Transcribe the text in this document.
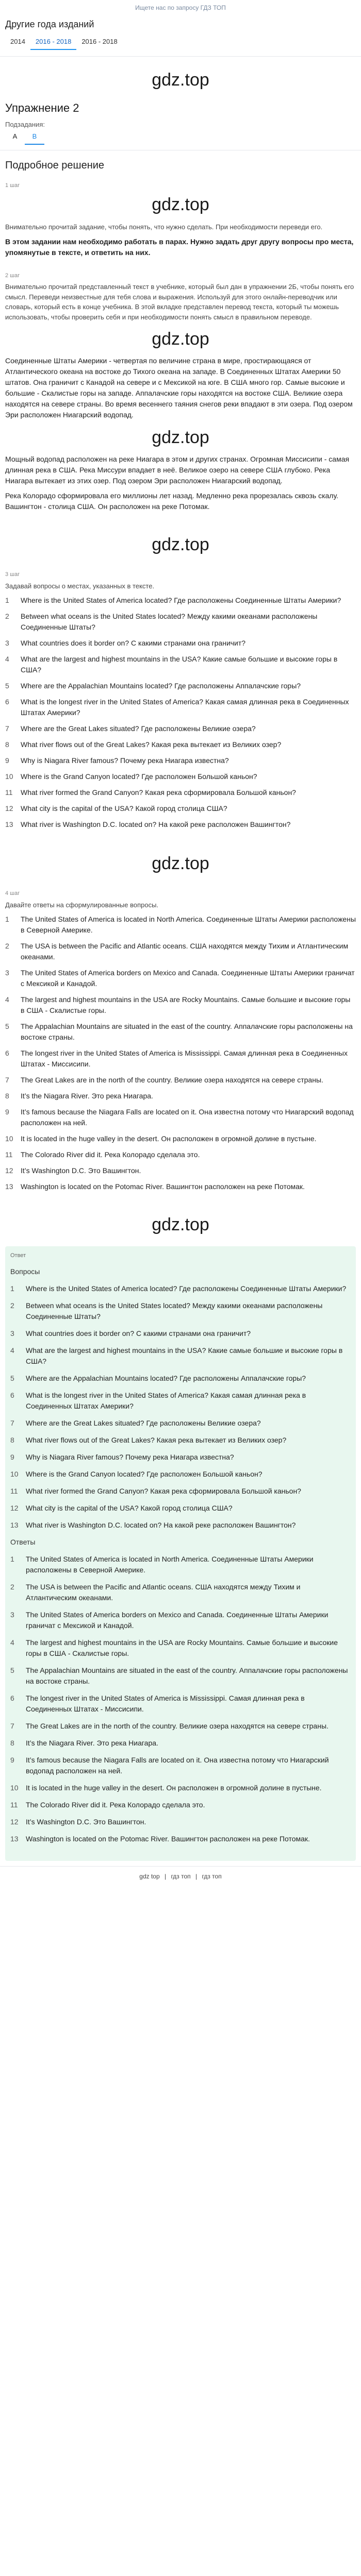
Ищете нас по запросу ГДЗ ТОП
Другие года изданий
2014	2016 - 2018	2016 - 2018
gdz.top
Упражнение 2
Подзадания:
A	B
Подробное решение
1 шаг
gdz.top
Внимательно прочитай задание, чтобы понять, что нужно сделать. При необходимости переведи его.
В этом задании нам необходимо работать в парах. Нужно задать друг другу вопросы про места, упомянутые в тексте, и ответить на них.
2 шаг
Внимательно прочитай представленный текст в учебнике, который был дан в упражнении 2Б, чтобы понять его смысл. Переведи неизвестные для тебя слова и выражения. Используй для этого онлайн-переводчик или словарь, который есть в конце учебника. В этой вкладке представлен перевод текста, который ты можешь использовать, чтобы проверить себя и при необходимости понять смысл в правильном переводе.
gdz.top
Соединенные Штаты Америки - четвертая по величине страна в мире, простирающаяся от Атлантического океана на востоке до Тихого океана на западе. В Соединенных Штатах Америки 50 штатов. Она граничит с Канадой на севере и с Мексикой на юге. В США много гор. Самые высокие и большие - Скалистые горы на западе. Аппалачские горы находятся на востоке США. Великие озера находятся на севере страны. Во время весеннего таяния снегов реки впадают в эти озера. Под озером Эри расположен Ниагарский водопад.
gdz.top
Мощный водопад расположен на реке Ниагара в этом и других странах. Огромная Миссисипи - самая длинная река в США. Река Миссури впадает в неё. Великое озеро на севере США глубоко. Река Ниагара вытекает из этих озер. Под озером Эри расположен Ниагарский водопад.
Река Колорадо сформировала его миллионы лет назад. Медленно река прорезалась сквозь скалу. Вашингтон - столица США. Он расположен на реке Потомак.
gdz.top
3 шаг
Задавай вопросы о местах, указанных в тексте.
1	Where is the United States of America located? Где расположены Соединенные Штаты Америки?
2	Between what oceans is the United States located? Между какими океанами расположены Соединенные Штаты?
3	What countries does it border on? С какими странами она граничит?
4	What are the largest and highest mountains in the USA? Какие самые большие и высокие горы в США?
5	Where are the Appalachian Mountains located? Где расположены Аппалачские горы?
6	What is the longest river in the United States of America? Какая самая длинная река в Соединенных Штатах Америки?
7	Where are the Great Lakes situated? Где расположены Великие озера?
8	What river flows out of the Great Lakes? Какая река вытекает из Великих озер?
9	Why is Niagara River famous? Почему река Ниагара известна?
10	Where is the Grand Canyon located? Где расположен Большой каньон?
11	What river formed the Grand Canyon? Какая река сформировала Большой каньон?
12	What city is the capital of the USA? Какой город столица США?
13	What river is Washington D.C. located on? На какой реке расположен Вашингтон?
gdz.top
4 шаг
Давайте ответы на сформулированные вопросы.
1	The United States of America is located in North America. Соединенные Штаты Америки расположены в Северной Америке.
2	The USA is between the Pacific and Atlantic oceans. США находятся между Тихим и Атлантическим океанами.
3	The United States of America borders on Mexico and Canada. Соединенные Штаты Америки граничат с Мексикой и Канадой.
4	The largest and highest mountains in the USA are Rocky Mountains. Самые большие и высокие горы в США - Скалистые горы.
5	The Appalachian Mountains are situated in the east of the country. Аппалачские горы расположены на востоке страны.
6	The longest river in the United States of America is Mississippi. Самая длинная река в Соединенных Штатах - Миссисипи.
7	The Great Lakes are in the north of the country. Великие озера находятся на севере страны.
8	It’s the Niagara River. Это река Ниагара.
9	It’s famous because the Niagara Falls are located on it. Она известна потому что Ниагарский водопад расположен на ней.
10	It is located in the huge valley in the desert. Он расположен в огромной долине в пустыне.
11	The Colorado River did it. Река Колорадо сделала это.
12	It’s Washington D.C. Это Вашингтон.
13	Washington is located on the Potomac River. Вашингтон расположен на реке Потомак.
gdz.top
Ответ
Вопросы
1	Where is the United States of America located? Где расположены Соединенные Штаты Америки?
2	Between what oceans is the United States located? Между какими океанами расположены Соединенные Штаты?
3	What countries does it border on? С какими странами она граничит?
4	What are the largest and highest mountains in the USA? Какие самые большие и высокие горы в США?
5	Where are the Appalachian Mountains located? Где расположены Аппалачские горы?
6	What is the longest river in the United States of America? Какая самая длинная река в Соединенных Штатах Америки?
7	Where are the Great Lakes situated? Где расположены Великие озера?
8	What river flows out of the Great Lakes? Какая река вытекает из Великих озер?
9	Why is Niagara River famous? Почему река Ниагара известна?
10	Where is the Grand Canyon located? Где расположен Большой каньон?
11	What river formed the Grand Canyon? Какая река сформировала Большой каньон?
12	What city is the capital of the USA? Какой город столица США?
13	What river is Washington D.C. located on? На какой реке расположен Вашингтон?
Ответы
1	The United States of America is located in North America. Соединенные Штаты Америки расположены в Северной Америке.
2	The USA is between the Pacific and Atlantic oceans. США находятся между Тихим и Атлантическим океанами.
3	The United States of America borders on Mexico and Canada. Соединенные Штаты Америки граничат с Мексикой и Канадой.
4	The largest and highest mountains in the USA are Rocky Mountains. Самые большие и высокие горы в США - Скалистые горы.
5	The Appalachian Mountains are situated in the east of the country. Аппалачские горы расположены на востоке страны.
6	The longest river in the United States of America is Mississippi. Самая длинная река в Соединенных Штатах - Миссисипи.
7	The Great Lakes are in the north of the country. Великие озера находятся на севере страны.
8	It’s the Niagara River. Это река Ниагара.
9	It’s famous because the Niagara Falls are located on it. Она известна потому что Ниагарский водопад расположен на ней.
10	It is located in the huge valley in the desert. Он расположен в огромной долине в пустыне.
11	The Colorado River did it. Река Колорадо сделала это.
12	It’s Washington D.C. Это Вашингтон.
13	Washington is located on the Potomac River. Вашингтон расположен на реке Потомак.
gdz top | гдз топ | гдз топ
